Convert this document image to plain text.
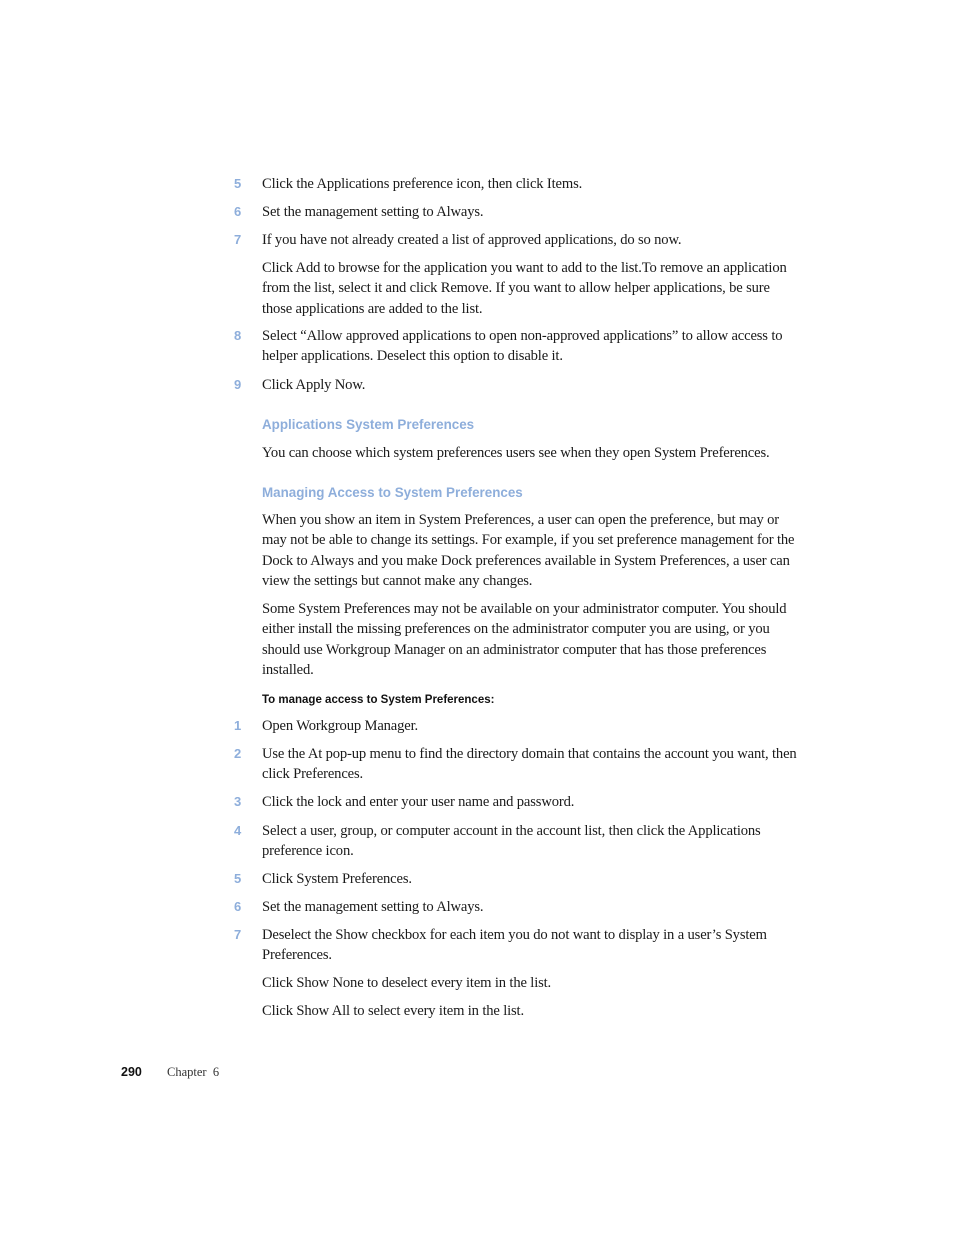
5	Click the Applications preference icon, then click Items.
6	Set the management setting to Always.
7	If you have not already created a list of approved applications, do so now.
Click Add to browse for the application you want to add to the list.To remove an application from the list, select it and click Remove. If you want to allow helper applications, be sure those applications are added to the list.
8	Select “Allow approved applications to open non-approved applications” to allow access to helper applications. Deselect this option to disable it.
9	Click Apply Now.
Applications System Preferences
You can choose which system preferences users see when they open System Preferences.
Managing Access to System Preferences
When you show an item in System Preferences, a user can open the preference, but may or may not be able to change its settings. For example, if you set preference management for the Dock to Always and you make Dock preferences available in System Preferences, a user can view the settings but cannot make any changes.
Some System Preferences may not be available on your administrator computer. You should either install the missing preferences on the administrator computer you are using, or you should use Workgroup Manager on an administrator computer that has those preferences installed.
To manage access to System Preferences:
1	Open Workgroup Manager.
2	Use the At pop-up menu to find the directory domain that contains the account you want, then click Preferences.
3	Click the lock and enter your user name and password.
4	Select a user, group, or computer account in the account list, then click the Applications preference icon.
5	Click System Preferences.
6	Set the management setting to Always.
7	Deselect the Show checkbox for each item you do not want to display in a user’s System Preferences.
Click Show None to deselect every item in the list.
Click Show All to select every item in the list.
290 Chapter  6
